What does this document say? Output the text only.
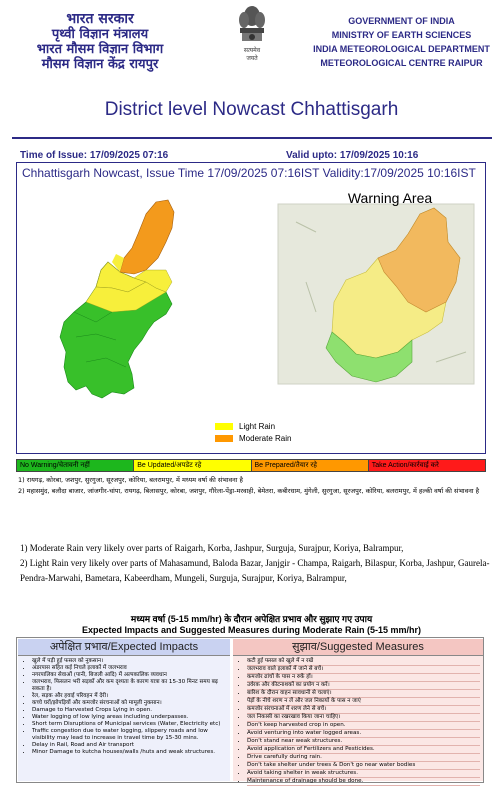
भारत सरकार
पृथ्वी विज्ञान मंत्रालय
भारत मौसम विज्ञान विभाग
मौसम विज्ञान केंद्र रायपुर
सत्यमेव
जयते
GOVERNMENT OF INDIA
MINISTRY OF EARTH SCIENCES
INDIA METEOROLOGICAL DEPARTMENT
METEOROLOGICAL CENTRE RAIPUR
District level Nowcast Chhattisgarh
Time of Issue: 17/09/2025 07:16	Valid upto: 17/09/2025 10:16
Chhattisgarh Nowcast, Issue Time 17/09/2025 07:16IST Validity:17/09/2025 10:16IST
Warning Area
Light Rain
Moderate Rain
No Warning/चेतावनी नहीं	Be Updated/अपडेट रहे	Be Prepared/तैयार रहे	Take Action/कार्रवाई करे
1) रायगढ़, कोरबा, जशपुर, सुरगुजा, सूरजपुर, कोरिया, बलरामपुर, में मध्यम वर्षा की संभावना है
2) महासमुंद, बलौदा बाजार, जांजगीर-चांपा, रायगढ़, बिलासपुर, कोरबा, जशपुर, गौरेला-पेंड्रा-मरवाही, बेमेतरा, कबीरधाम, मुंगेली, सुरगुजा, सूरजपुर, कोरिया, बलरामपुर, में हल्की वर्षा की संभावना है
1) Moderate Rain very likely over parts of Raigarh, Korba, Jashpur, Surguja, Surajpur, Koriya, Balrampur,
2) Light Rain very likely over parts of Mahasamund, Baloda Bazar, Janjgir - Champa, Raigarh, Bilaspur, Korba, Jashpur, Gaurela-Pendra-Marwahi, Bametara, Kabeerdham, Mungeli, Surguja, Surajpur, Koriya, Balrampur,
मध्यम वर्षा (5-15 mm/hr) के दौरान अपेक्षित प्रभाव और सुझाए गए उपाय
Expected Impacts and Suggested Measures during Moderate Rain (5-15 mm/hr)
अपेक्षित प्रभाव/Expected Impacts
• खुले में पड़ी हुई फसल को नुकसान।
• अंडरपास सहित कई निचले इलाकों में जलभराव
• नगरपालिका सेवाओं (पानी, बिजली आदि) में अल्पकालिक व्यवधान
• जलभराव, फिसलन भरी सड़कों और कम दृश्यता के कारण यात्रा का 15-30 मिनट समय बढ़ सकता है।
• रेल, सड़क और हवाई परिवहन में देरी।
• कच्चे घरों/झोपड़ियों और कमजोर संरचनाओं को मामूली नुकसान।
• Damage to Harvested Crops Lying in open.
• Water logging of low lying areas including underpasses.
• Short term Disruptions of Municipal services (Water, Electricity etc)
• Traffic congestion due to water logging, slippery roads and low visibility may lead to increase in travel time by 15-30 mins.
• Delay in Rail, Road and Air transport
• Minor Damage to kutcha houses/walls /huts and weak structures.
सुझाव/Suggested Measures
• कटी हुई फसल को खुले में न रखें
• जलभराव वाले इलाकों में जाने से बचें।
• कमजोर ढांचों के पास न रुकें हों।
• उर्वरक और कीटनाशकों का प्रयोग न करें।
• बारिश के दौरान वाहन सावधानी से चलाएं।
• पेड़ों के नीचे शरण न लें और जल निकायों के पास न जाएं
• कमजोर संरचनाओं में शरण लेने से बचें।
• जल निकासी का रखरखाव किया जाना चाहिए।
• Don't keep harvested crop in open.
• Avoid venturing into water logged areas.
• Don't stand near weak structures.
• Avoid application of Fertilizers and Pesticides.
• Drive carefully during rain.
• Don't take shelter under trees & Don't go near water bodies
• Avoid taking shelter in weak structures.
• Maintenance of drainage should be done.
